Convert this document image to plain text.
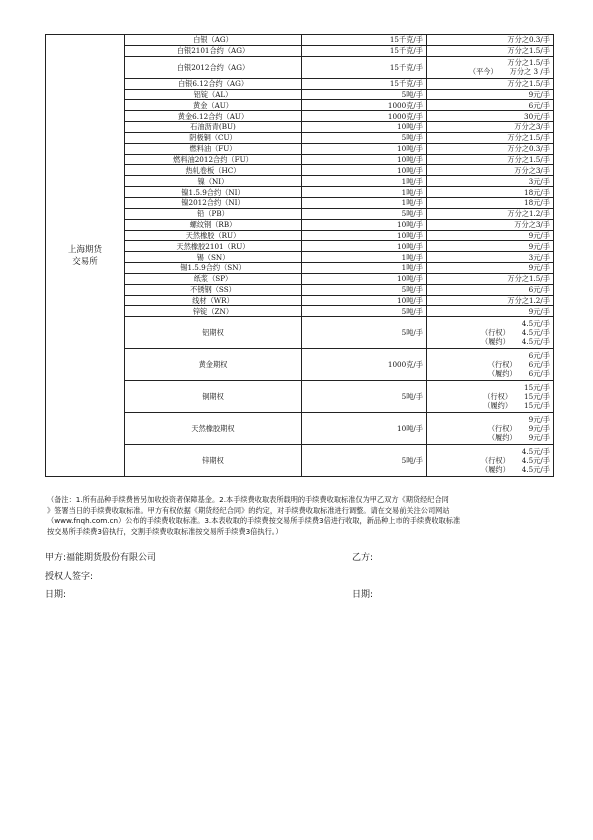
上海期货
交易所	白银（AG）	15千克/手	万分之0.3/手
	白银2101合约（AG）	15千克/手	万分之1.5/手
	白银2012合约（AG）	15千克/手	万分之1.5/手
（平今） 万分之 3 /手

	白银6.12合约（AG）	15千克/手	万分之1.5/手
	铝锭（AL）	5吨/手	9元/手
	黄金（AU）	1000克/手	6元/手
	黄金6.12合约（AU）	1000克/手	30元/手
	石油沥青(BU)	10吨/手	万分之3/手
	阴极铜（CU）	5吨/手	万分之1.5/手
	燃料油（FU）	10吨/手	万分之0.3/手
	燃料油2012合约（FU）	10吨/手	万分之1.5/手
	热轧卷板（HC）	10吨/手	万分之3/手
	镍（NI）	1吨/手	3元/手
	镍1.5.9合约（NI）	1吨/手	18元/手
	镍2012合约（NI）	1吨/手	18元/手
	铅（PB）	5吨/手	万分之1.2/手
	螺纹钢（RB）	10吨/手	万分之3/手
	天然橡胶（RU）	10吨/手	9元/手
	天然橡胶2101（RU）	10吨/手	9元/手
	锡（SN）	1吨/手	3元/手
	锡1.5.9合约（SN）	1吨/手	9元/手
	纸浆（SP）	10吨/手	万分之1.5/手
	不锈钢（SS）	5吨/手	6元/手
	线材（WR）	10吨/手	万分之1.2/手
	锌锭（ZN）	5吨/手	9元/手
	铝期权	5吨/手	4.5元/手
（行权） 4.5元/手
（履约） 4.5元/手

	黄金期权	1000克/手	6元/手
（行权） 6元/手
（履约） 6元/手

	铜期权	5吨/手	15元/手
（行权） 15元/手
（履约） 15元/手

	天然橡胶期权	10吨/手	9元/手
（行权） 9元/手
（履约） 9元/手

	锌期权	5吨/手	4.5元/手
（行权） 4.5元/手
（履约） 4.5元/手
（备注：1.所有品种手续费皆另加收投资者保障基金。2.本手续费收取表所载明的手续费收取标准仅为甲乙双方《期货经纪合同
》签署当日的手续费收取标准。甲方有权依据《期货经纪合同》的约定，对手续费收取标准进行调整。请在交易前关注公司网站
（www.fnqh.com.cn）公布的手续费收取标准。3.本表收取的手续费按交易所手续费3倍进行收取，新品种上市的手续费收取标准
按交易所手续费3倍执行，交割手续费收取标准按交易所手续费3倍执行。）
甲方:福能期货股份有限公司	乙方:
授权人签字:
日期:	日期:
